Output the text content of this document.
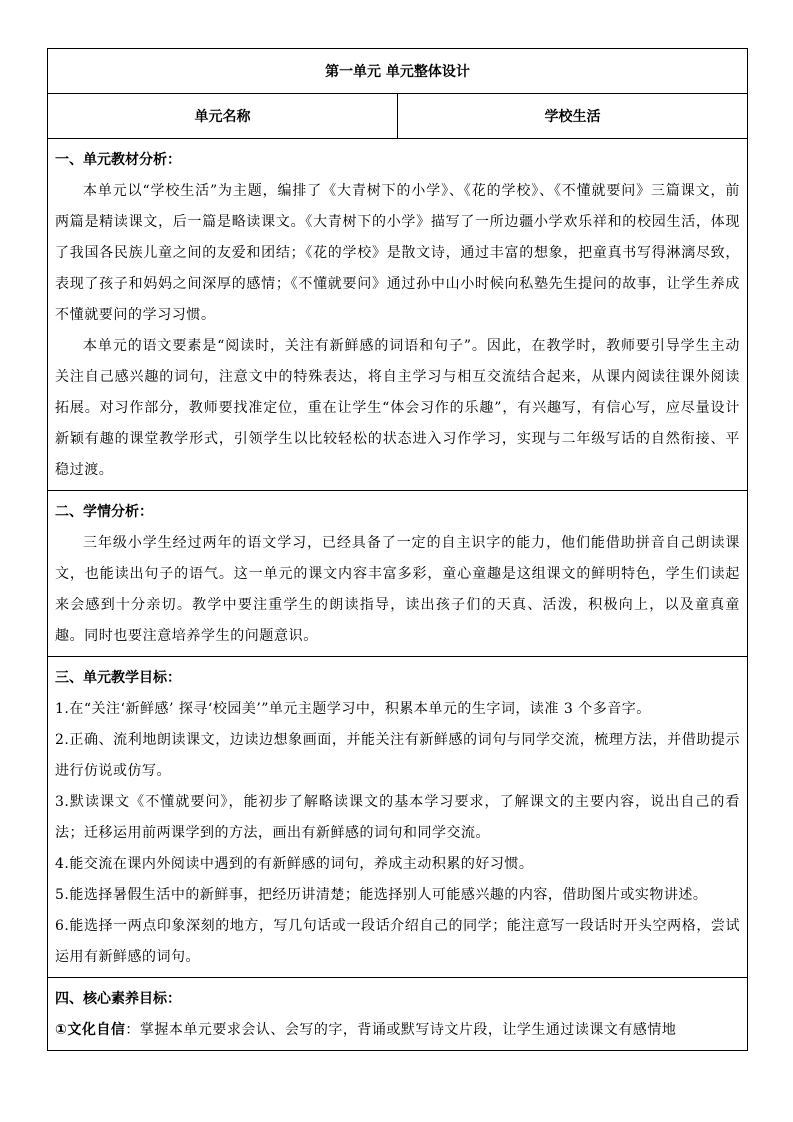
第一单元 单元整体设计
单元名称	学校生活

一、单元教材分析：

本单元以“学校生活”为主题，编排了《大青树下的小学》、《花的学校》、《不懂就要问》三篇课文，前两篇是精读课文，后一篇是略读课文。《大青树下的小学》描写了一所边疆小学欢乐祥和的校园生活，体现了我国各民族儿童之间的友爱和团结；《花的学校》是散文诗，通过丰富的想象，把童真书写得淋漓尽致，表现了孩子和妈妈之间深厚的感情；《不懂就要问》通过孙中山小时候向私塾先生提问的故事，让学生养成不懂就要问的学习习惯。

本单元的语文要素是“阅读时，关注有新鲜感的词语和句子”。因此，在教学时，教师要引导学生主动关注自己感兴趣的词句，注意文中的特殊表达，将自主学习与相互交流结合起来，从课内阅读往课外阅读拓展。对习作部分，教师要找准定位，重在让学生“体会习作的乐趣”，有兴趣写，有信心写，应尽量设计新颖有趣的课堂教学形式，引领学生以比较轻松的状态进入习作学习，实现与二年级写话的自然衔接、平稳过渡。

二、学情分析：

三年级小学生经过两年的语文学习，已经具备了一定的自主识字的能力，他们能借助拼音自己朗读课文，也能读出句子的语气。这一单元的课文内容丰富多彩，童心童趣是这组课文的鲜明特色，学生们读起来会感到十分亲切。教学中要注重学生的朗读指导，读出孩子们的天真、活泼，积极向上，以及童真童趣。同时也要注意培养学生的问题意识。

三、单元教学目标：

1.在“关注‘新鲜感’ 探寻‘校园美’”单元主题学习中，积累本单元的生字词，读准 3 个多音字。

2.正确、流利地朗读课文，边读边想象画面，并能关注有新鲜感的词句与同学交流，梳理方法，并借助提示进行仿说或仿写。

3.默读课文《不懂就要问》，能初步了解略读课文的基本学习要求，了解课文的主要内容，说出自己的看法；迁移运用前两课学到的方法，画出有新鲜感的词句和同学交流。

4.能交流在课内外阅读中遇到的有新鲜感的词句，养成主动积累的好习惯。

5.能选择暑假生活中的新鲜事，把经历讲清楚；能选择别人可能感兴趣的内容，借助图片或实物讲述。

6.能选择一两点印象深刻的地方，写几句话或一段话介绍自己的同学；能注意写一段话时开头空两格，尝试运用有新鲜感的词句。

四、核心素养目标：

①文化自信：掌握本单元要求会认、会写的字，背诵或默写诗文片段，让学生通过读课文有感情地
